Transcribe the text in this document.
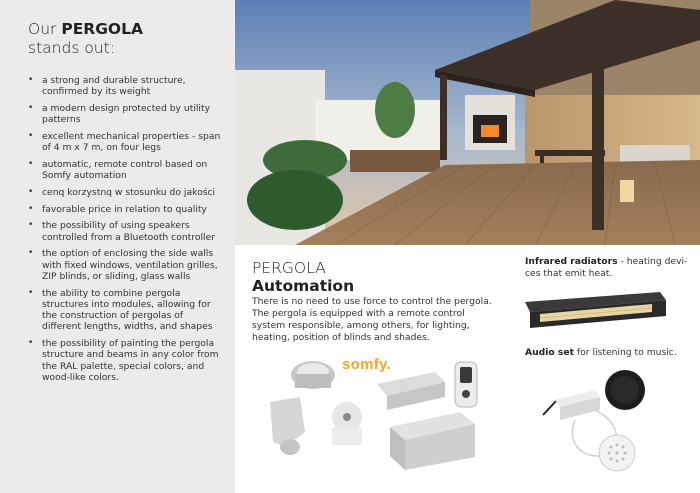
Our PERGOLA
stands out:
• a strong and durable structure, confirmed by its weight
• a modern design protected by utility patterns
• excellent mechanical properties - span of 4 m x 7 m, on four legs
• automatic, remote control based on Somfy automation
• cenq korzystnq w stosunku do jakości
• favorable price in relation to quality
• the possibility of using speakers controlled from a Bluetooth controller
• the option of enclosing the side walls with fixed windows, ventilation grilles, ZIP blinds, or sliding, glass walls
• the ability to combine pergola structures into modules, allowing for the construction of pergolas of different lengths, widths, and shapes
• the possibility of painting the pergola structure and beams in any color from the RAL palette, special colors, and wood-like colors.
PERGOLA
Automation

There is no need to use force to control the pergola. The pergola is equipped with a remote control system responsible, among others, for lighting, heating, position of blinds and shades.

somfy.

Infrared radiators - heating devi-ces that emit heat.

Audio set for listening to music.
